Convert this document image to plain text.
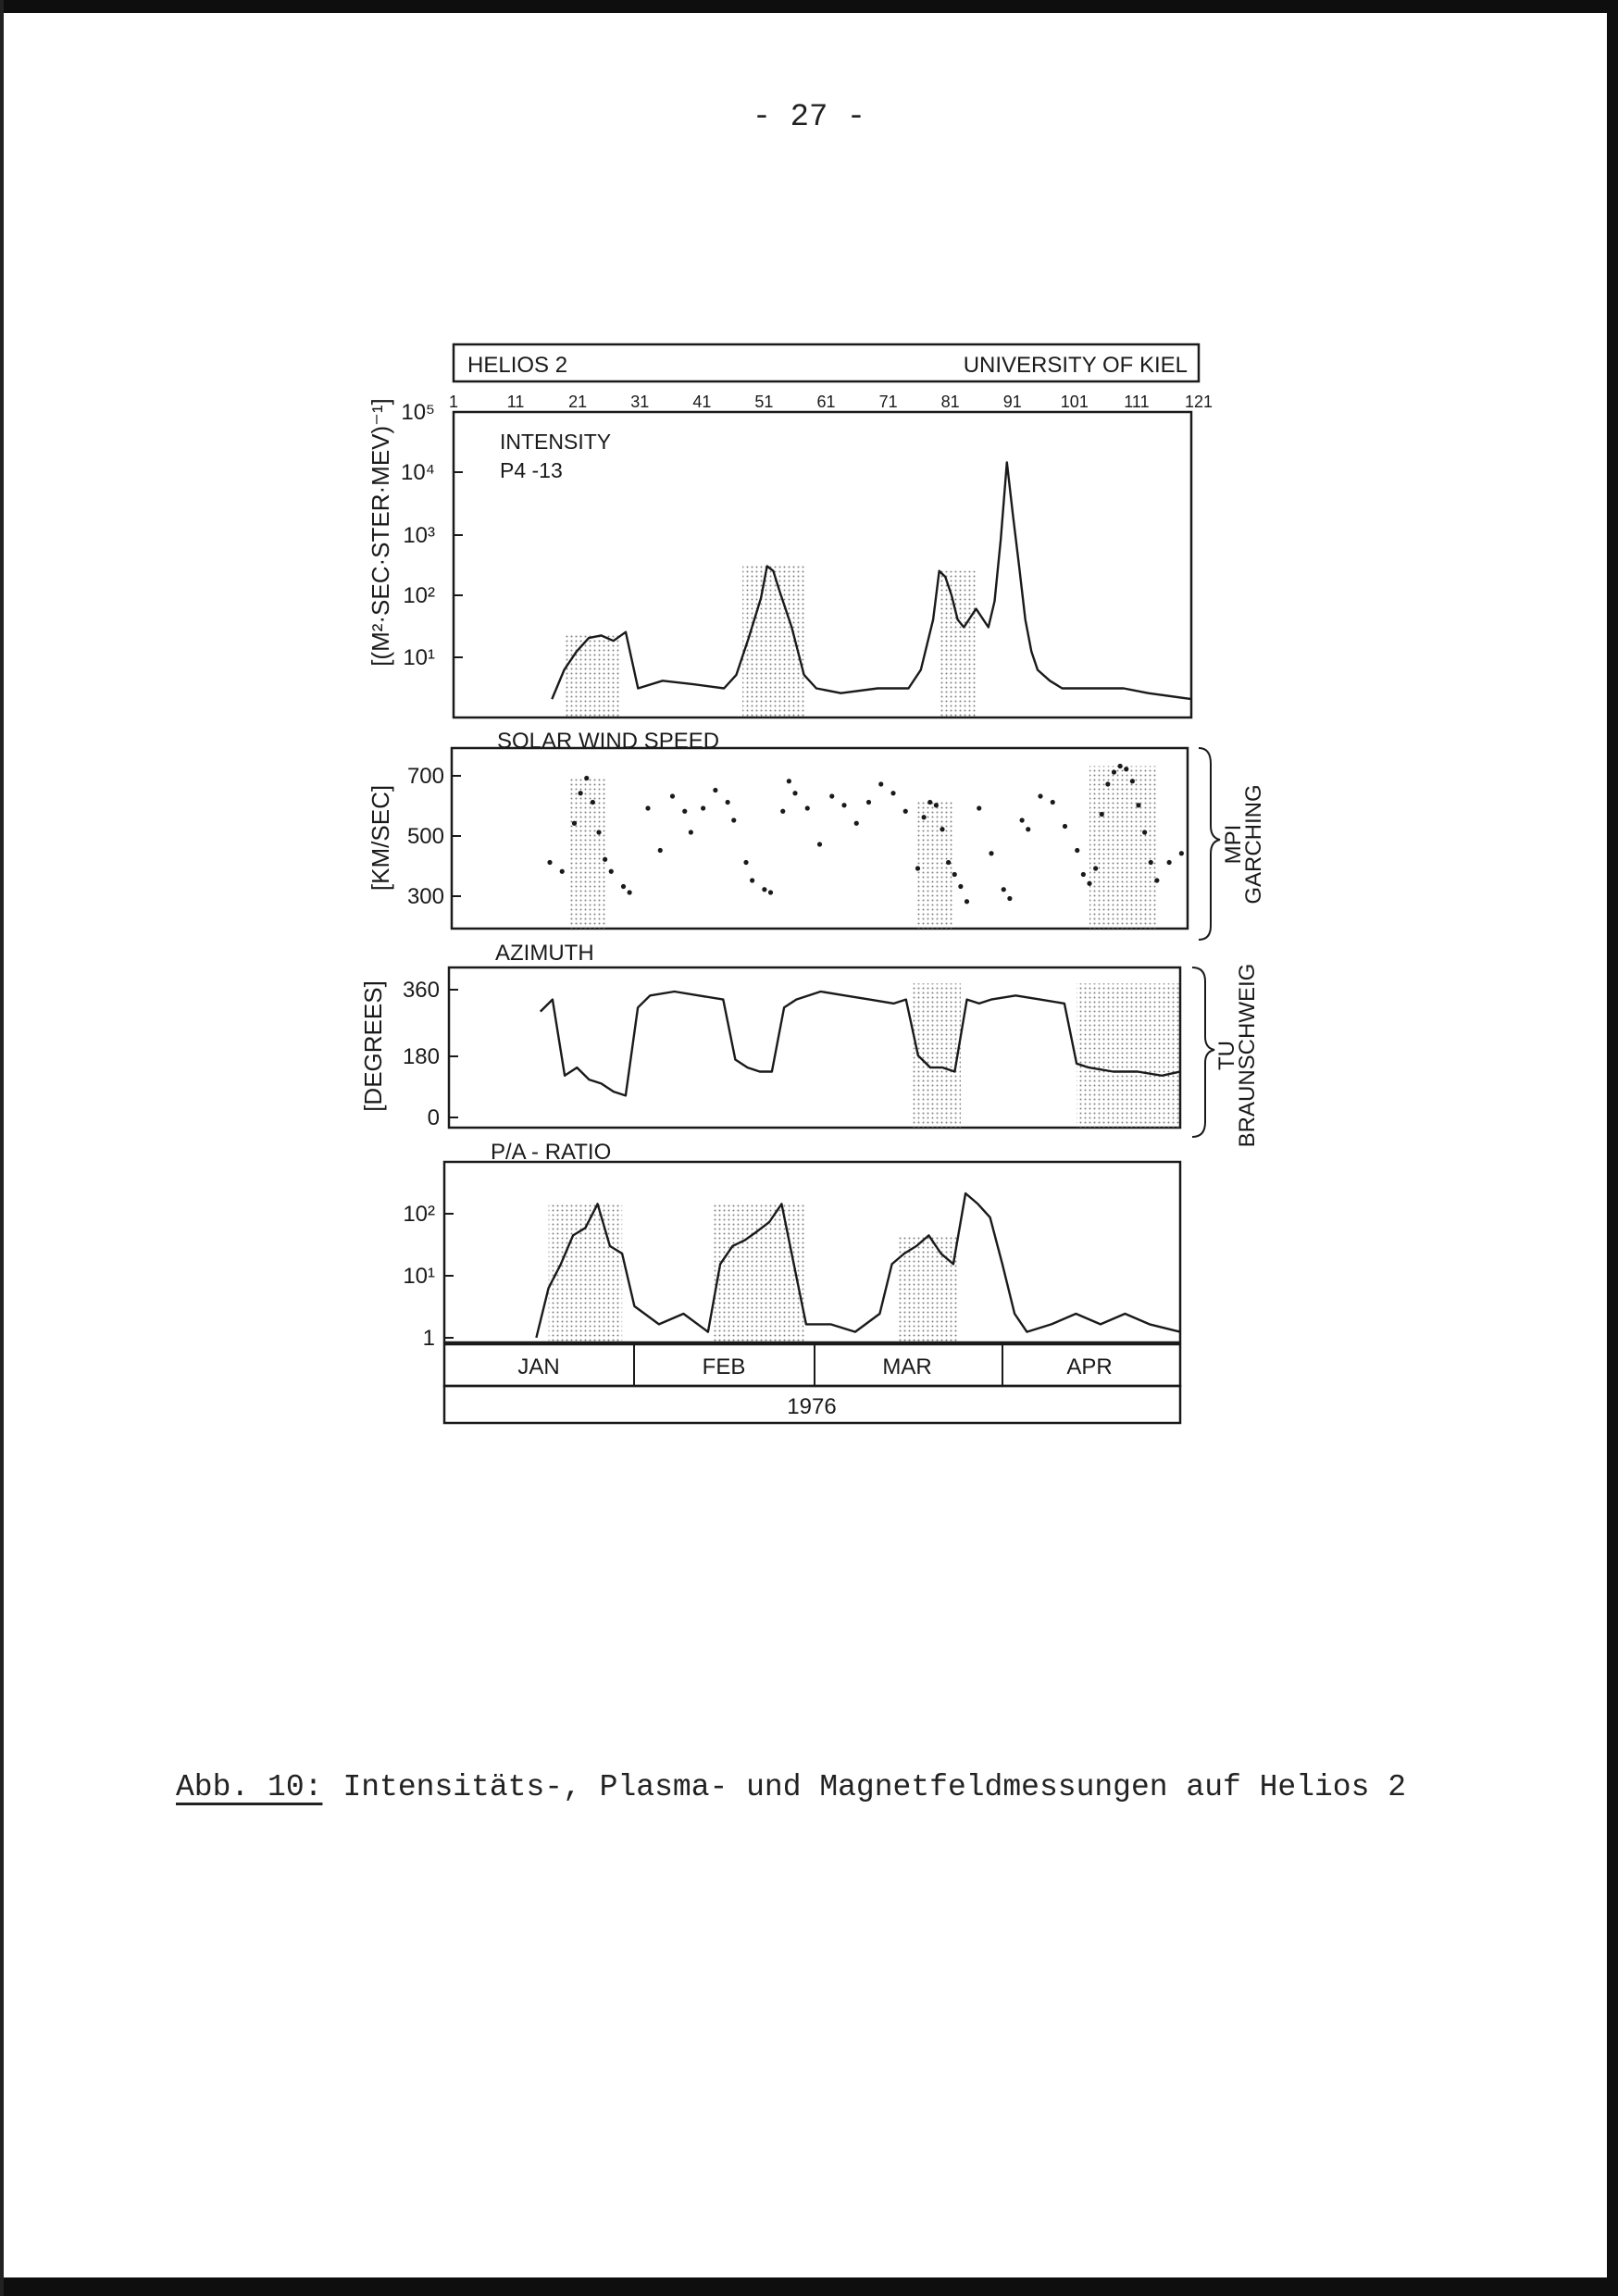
- 27 -
HELIOS 2	UNIVERSITY OF KIEL
1	11	21	31	41	51	61	71	81	91 101 111 121
INTENSITY
P4 -13
SOLAR WIND SPEED
AZIMUTH
P/A - RATIO
[(M²·SEC·STER·MEV)⁻¹]
[KM/SEC]
[DEGREES]
10⁵
10⁴
10³
10²
10¹
700
500
300
360
180
0
10²
10¹
1
MPI
GARCHING
TU
BRAUNSCHWEIG
JAN	FEB	MAR	APR
1976
Abb. 10: Intensitäts-, Plasma- und Magnetfeldmessungen auf Helios 2
